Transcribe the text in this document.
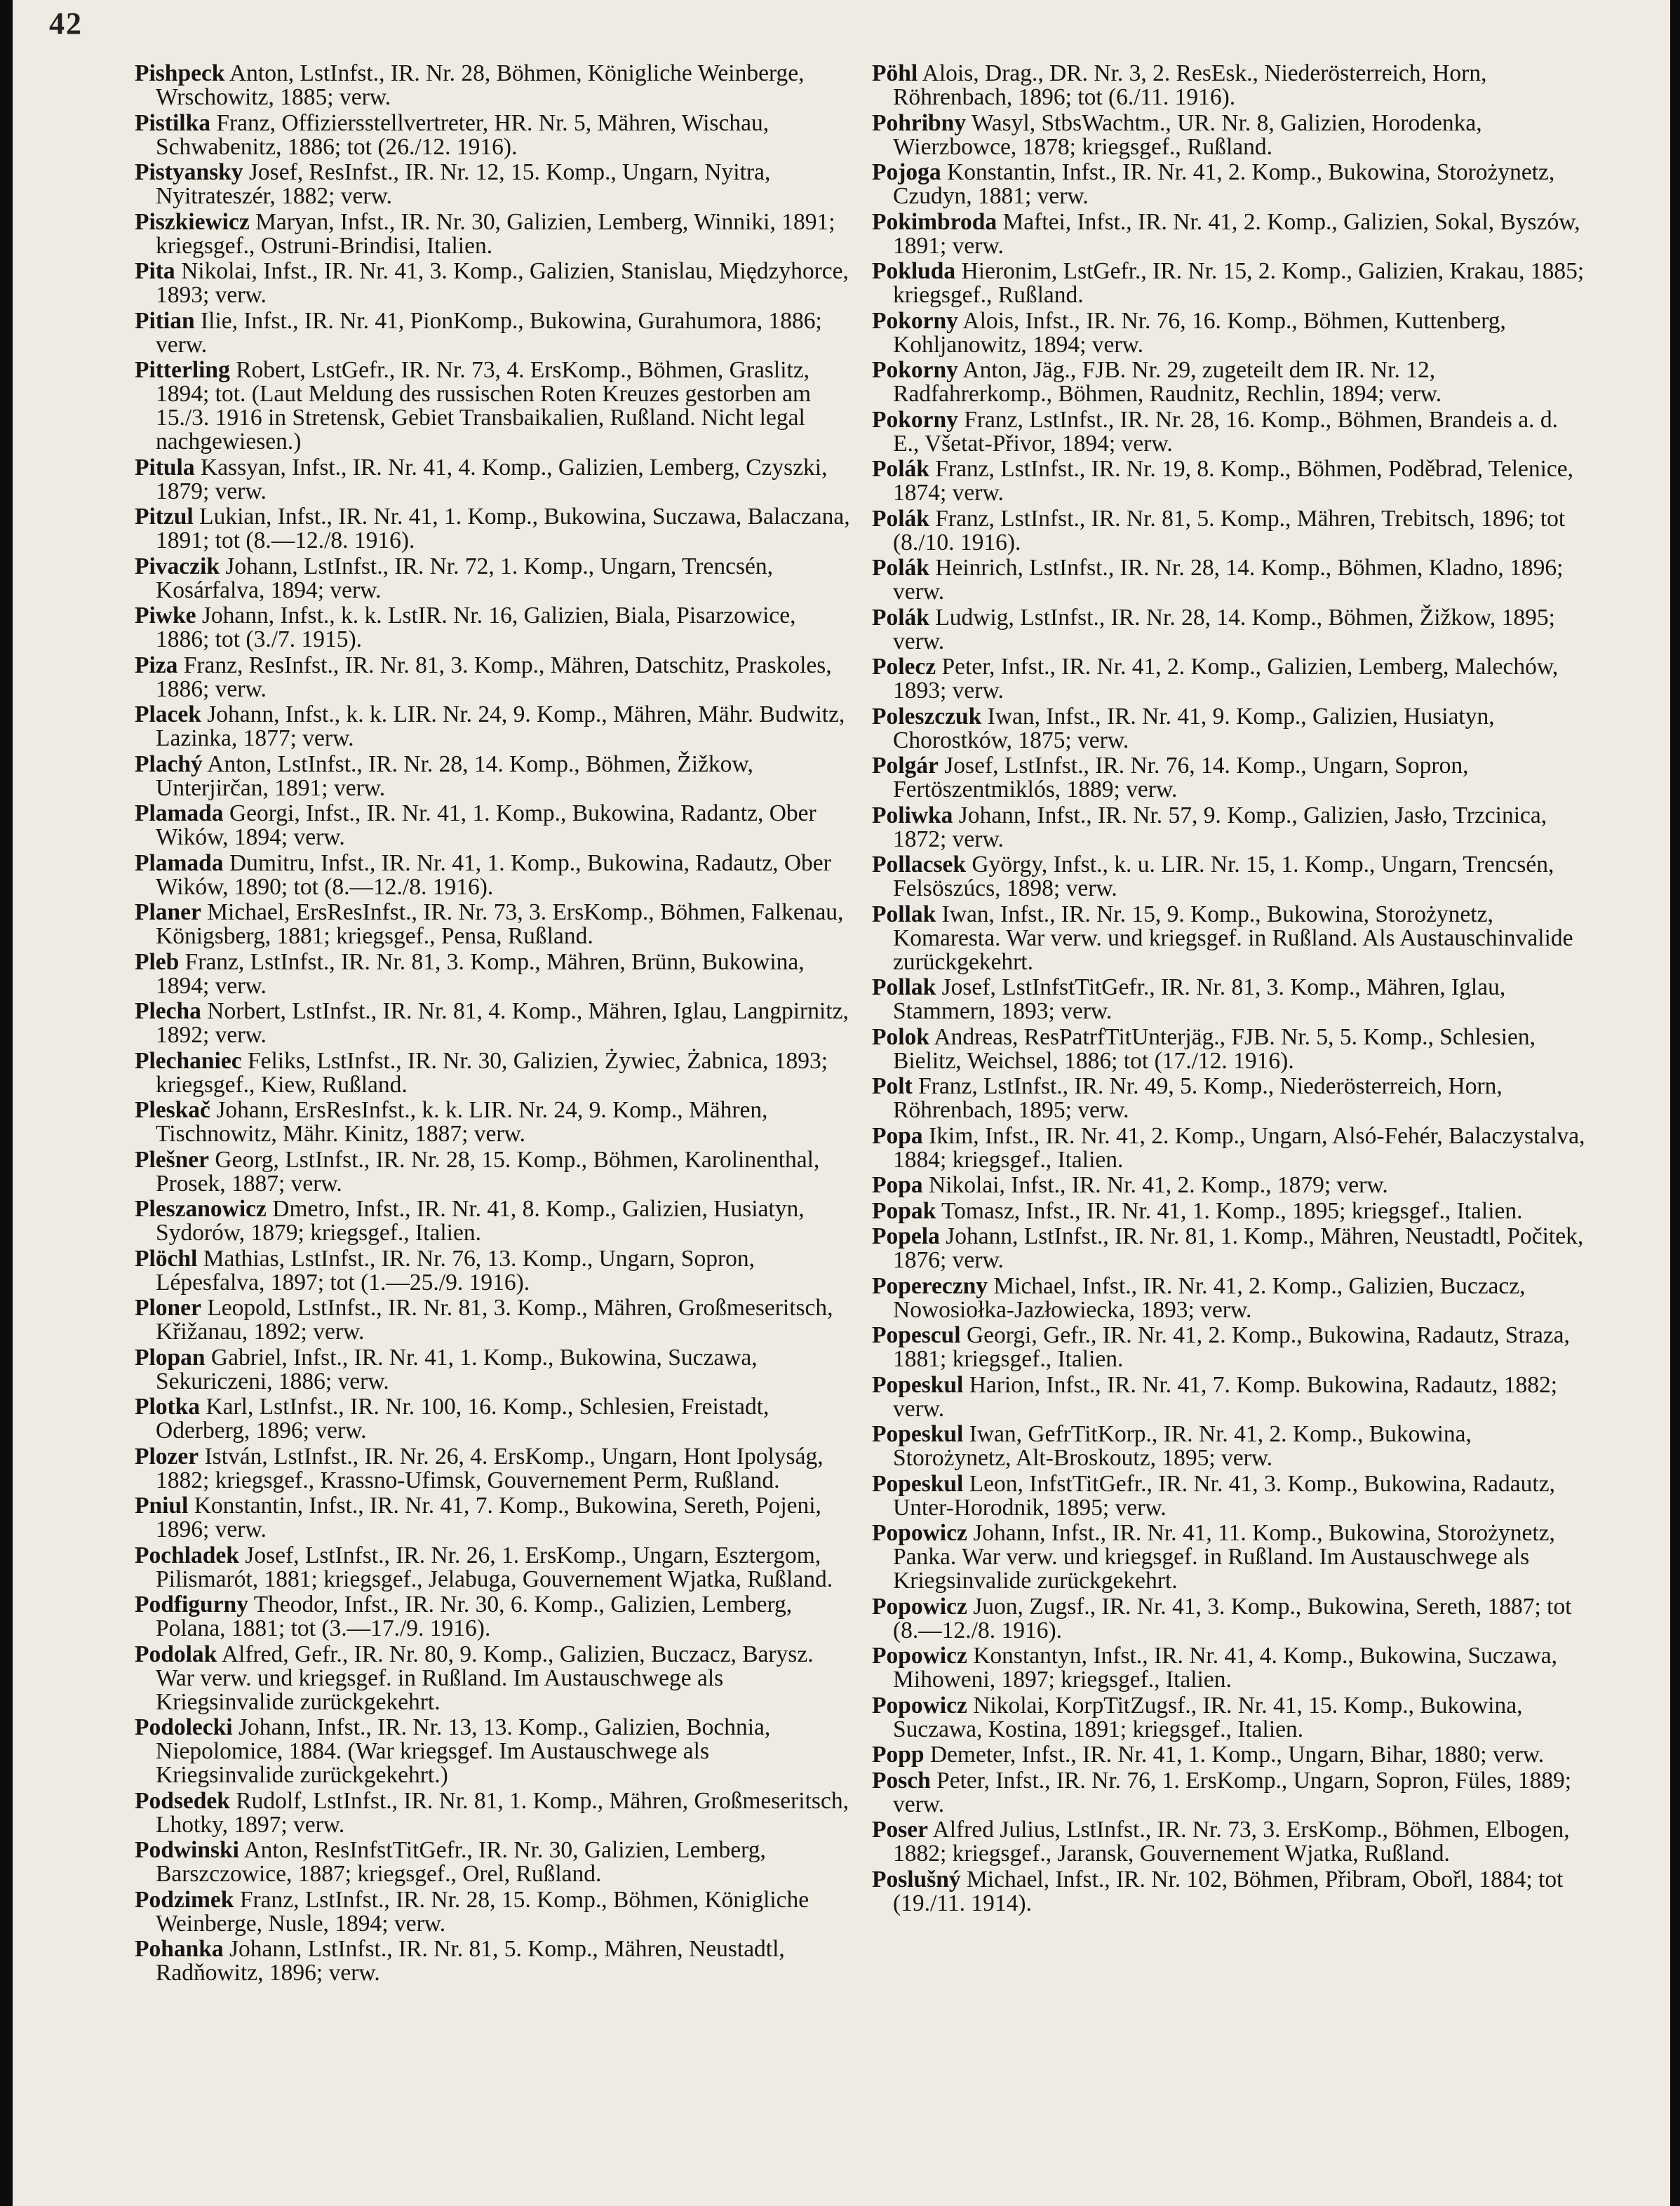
42
Pishpeck Anton, LstInfst., IR. Nr. 28, Böhmen, Königliche Weinberge, Wrschowitz, 1885; verw.
Pistilka Franz, Offiziersstellvertreter, HR. Nr. 5, Mähren, Wischau, Schwabenitz, 1886; tot (26./12. 1916).
Pistyansky Josef, ResInfst., IR. Nr. 12, 15. Komp., Ungarn, Nyitra, Nyitrateszér, 1882; verw.
Piszkiewicz Maryan, Infst., IR. Nr. 30, Galizien, Lemberg, Winniki, 1891; kriegsgef., Ostruni-Brindisi, Italien.
Pita Nikolai, Infst., IR. Nr. 41, 3. Komp., Galizien, Stanislau, Międzyhorce, 1893; verw.
Pitian Ilie, Infst., IR. Nr. 41, PionKomp., Bukowina, Gurahumora, 1886; verw.
Pitterling Robert, LstGefr., IR. Nr. 73, 4. ErsKomp., Böhmen, Graslitz, 1894; tot. (Laut Meldung des russischen Roten Kreuzes gestorben am 15./3. 1916 in Stretensk, Gebiet Transbaikalien, Rußland. Nicht legal nachgewiesen.)
Pitula Kassyan, Infst., IR. Nr. 41, 4. Komp., Galizien, Lemberg, Czyszki, 1879; verw.
Pitzul Lukian, Infst., IR. Nr. 41, 1. Komp., Bukowina, Suczawa, Balaczana, 1891; tot (8.—12./8. 1916).
Pivaczik Johann, LstInfst., IR. Nr. 72, 1. Komp., Ungarn, Trencsén, Kosárfalva, 1894; verw.
Piwke Johann, Infst., k. k. LstIR. Nr. 16, Galizien, Biala, Pisarzowice, 1886; tot (3./7. 1915).
Piza Franz, ResInfst., IR. Nr. 81, 3. Komp., Mähren, Datschitz, Praskoles, 1886; verw.
Placek Johann, Infst., k. k. LIR. Nr. 24, 9. Komp., Mähren, Mähr. Budwitz, Lazinka, 1877; verw.
Plachý Anton, LstInfst., IR. Nr. 28, 14. Komp., Böhmen, Žižkow, Unterjirčan, 1891; verw.
Plamada Georgi, Infst., IR. Nr. 41, 1. Komp., Bukowina, Radantz, Ober Wików, 1894; verw.
Plamada Dumitru, Infst., IR. Nr. 41, 1. Komp., Bukowina, Radautz, Ober Wików, 1890; tot (8.—12./8. 1916).
Planer Michael, ErsResInfst., IR. Nr. 73, 3. ErsKomp., Böhmen, Falkenau, Königsberg, 1881; kriegsgef., Pensa, Rußland.
Pleb Franz, LstInfst., IR. Nr. 81, 3. Komp., Mähren, Brünn, Bukowina, 1894; verw.
Plecha Norbert, LstInfst., IR. Nr. 81, 4. Komp., Mähren, Iglau, Langpirnitz, 1892; verw.
Plechaniec Feliks, LstInfst., IR. Nr. 30, Galizien, Żywiec, Żabnica, 1893; kriegsgef., Kiew, Rußland.
Pleskač Johann, ErsResInfst., k. k. LIR. Nr. 24, 9. Komp., Mähren, Tischnowitz, Mähr. Kinitz, 1887; verw.
Plešner Georg, LstInfst., IR. Nr. 28, 15. Komp., Böhmen, Karolinenthal, Prosek, 1887; verw.
Pleszanowicz Dmetro, Infst., IR. Nr. 41, 8. Komp., Galizien, Husiatyn, Sydorów, 1879; kriegsgef., Italien.
Plöchl Mathias, LstInfst., IR. Nr. 76, 13. Komp., Ungarn, Sopron, Lépesfalva, 1897; tot (1.—25./9. 1916).
Ploner Leopold, LstInfst., IR. Nr. 81, 3. Komp., Mähren, Großmeseritsch, Křižanau, 1892; verw.
Plopan Gabriel, Infst., IR. Nr. 41, 1. Komp., Bukowina, Suczawa, Sekuriczeni, 1886; verw.
Plotka Karl, LstInfst., IR. Nr. 100, 16. Komp., Schlesien, Freistadt, Oderberg, 1896; verw.
Plozer István, LstInfst., IR. Nr. 26, 4. ErsKomp., Ungarn, Hont Ipolyság, 1882; kriegsgef., Krassno-Ufimsk, Gouvernement Perm, Rußland.
Pniul Konstantin, Infst., IR. Nr. 41, 7. Komp., Bukowina, Sereth, Pojeni, 1896; verw.
Pochladek Josef, LstInfst., IR. Nr. 26, 1. ErsKomp., Ungarn, Esztergom, Pilismarót, 1881; kriegsgef., Jelabuga, Gouvernement Wjatka, Rußland.
Podfigurny Theodor, Infst., IR. Nr. 30, 6. Komp., Galizien, Lemberg, Polana, 1881; tot (3.—17./9. 1916).
Podolak Alfred, Gefr., IR. Nr. 80, 9. Komp., Galizien, Buczacz, Barysz. War verw. und kriegsgef. in Rußland. Im Austauschwege als Kriegsinvalide zurückgekehrt.
Podolecki Johann, Infst., IR. Nr. 13, 13. Komp., Galizien, Bochnia, Niepolomice, 1884. (War kriegsgef. Im Austauschwege als Kriegsinvalide zurückgekehrt.)
Podsedek Rudolf, LstInfst., IR. Nr. 81, 1. Komp., Mähren, Großmeseritsch, Lhotky, 1897; verw.
Podwinski Anton, ResInfstTitGefr., IR. Nr. 30, Galizien, Lemberg, Barszczowice, 1887; kriegsgef., Orel, Rußland.
Podzimek Franz, LstInfst., IR. Nr. 28, 15. Komp., Böhmen, Königliche Weinberge, Nusle, 1894; verw.
Pohanka Johann, LstInfst., IR. Nr. 81, 5. Komp., Mähren, Neustadtl, Radňowitz, 1896; verw.
Pöhl Alois, Drag., DR. Nr. 3, 2. ResEsk., Niederösterreich, Horn, Röhrenbach, 1896; tot (6./11. 1916).
Pohribny Wasyl, StbsWachtm., UR. Nr. 8, Galizien, Horodenka, Wierzbowce, 1878; kriegsgef., Rußland.
Pojoga Konstantin, Infst., IR. Nr. 41, 2. Komp., Bukowina, Storożynetz, Czudyn, 1881; verw.
Pokimbroda Maftei, Infst., IR. Nr. 41, 2. Komp., Galizien, Sokal, Byszów, 1891; verw.
Pokluda Hieronim, LstGefr., IR. Nr. 15, 2. Komp., Galizien, Krakau, 1885; kriegsgef., Rußland.
Pokorny Alois, Infst., IR. Nr. 76, 16. Komp., Böhmen, Kuttenberg, Kohljanowitz, 1894; verw.
Pokorny Anton, Jäg., FJB. Nr. 29, zugeteilt dem IR. Nr. 12, Radfahrerkomp., Böhmen, Raudnitz, Rechlin, 1894; verw.
Pokorny Franz, LstInfst., IR. Nr. 28, 16. Komp., Böhmen, Brandeis a. d. E., Všetat-Přivor, 1894; verw.
Polák Franz, LstInfst., IR. Nr. 19, 8. Komp., Böhmen, Poděbrad, Telenice, 1874; verw.
Polák Franz, LstInfst., IR. Nr. 81, 5. Komp., Mähren, Trebitsch, 1896; tot (8./10. 1916).
Polák Heinrich, LstInfst., IR. Nr. 28, 14. Komp., Böhmen, Kladno, 1896; verw.
Polák Ludwig, LstInfst., IR. Nr. 28, 14. Komp., Böhmen, Žižkow, 1895; verw.
Polecz Peter, Infst., IR. Nr. 41, 2. Komp., Galizien, Lemberg, Malechów, 1893; verw.
Poleszczuk Iwan, Infst., IR. Nr. 41, 9. Komp., Galizien, Husiatyn, Chorostków, 1875; verw.
Polgár Josef, LstInfst., IR. Nr. 76, 14. Komp., Ungarn, Sopron, Fertöszentmiklós, 1889; verw.
Poliwka Johann, Infst., IR. Nr. 57, 9. Komp., Galizien, Jasło, Trzcinica, 1872; verw.
Pollacsek György, Infst., k. u. LIR. Nr. 15, 1. Komp., Ungarn, Trencsén, Felsöszúcs, 1898; verw.
Pollak Iwan, Infst., IR. Nr. 15, 9. Komp., Bukowina, Storożynetz, Komaresta. War verw. und kriegsgef. in Rußland. Als Austauschinvalide zurückgekehrt.
Pollak Josef, LstInfstTitGefr., IR. Nr. 81, 3. Komp., Mähren, Iglau, Stammern, 1893; verw.
Polok Andreas, ResPatrfTitUnterjäg., FJB. Nr. 5, 5. Komp., Schlesien, Bielitz, Weichsel, 1886; tot (17./12. 1916).
Polt Franz, LstInfst., IR. Nr. 49, 5. Komp., Niederösterreich, Horn, Röhrenbach, 1895; verw.
Popa Ikim, Infst., IR. Nr. 41, 2. Komp., Ungarn, Alsó-Fehér, Balaczystalva, 1884; kriegsgef., Italien.
Popa Nikolai, Infst., IR. Nr. 41, 2. Komp., 1879; verw.
Popak Tomasz, Infst., IR. Nr. 41, 1. Komp., 1895; kriegsgef., Italien.
Popela Johann, LstInfst., IR. Nr. 81, 1. Komp., Mähren, Neustadtl, Počitek, 1876; verw.
Popereczny Michael, Infst., IR. Nr. 41, 2. Komp., Galizien, Buczacz, Nowosiołka-Jazłowiecka, 1893; verw.
Popescul Georgi, Gefr., IR. Nr. 41, 2. Komp., Bukowina, Radautz, Straza, 1881; kriegsgef., Italien.
Popeskul Harion, Infst., IR. Nr. 41, 7. Komp. Bukowina, Radautz, 1882; verw.
Popeskul Iwan, GefrTitKorp., IR. Nr. 41, 2. Komp., Bukowina, Storożynetz, Alt-Broskoutz, 1895; verw.
Popeskul Leon, InfstTitGefr., IR. Nr. 41, 3. Komp., Bukowina, Radautz, Unter-Horodnik, 1895; verw.
Popowicz Johann, Infst., IR. Nr. 41, 11. Komp., Bukowina, Storożynetz, Panka. War verw. und kriegsgef. in Rußland. Im Austauschwege als Kriegsinvalide zurückgekehrt.
Popowicz Juon, Zugsf., IR. Nr. 41, 3. Komp., Bukowina, Sereth, 1887; tot (8.—12./8. 1916).
Popowicz Konstantyn, Infst., IR. Nr. 41, 4. Komp., Bukowina, Suczawa, Mihoweni, 1897; kriegsgef., Italien.
Popowicz Nikolai, KorpTitZugsf., IR. Nr. 41, 15. Komp., Bukowina, Suczawa, Kostina, 1891; kriegsgef., Italien.
Popp Demeter, Infst., IR. Nr. 41, 1. Komp., Ungarn, Bihar, 1880; verw.
Posch Peter, Infst., IR. Nr. 76, 1. ErsKomp., Ungarn, Sopron, Füles, 1889; verw.
Poser Alfred Julius, LstInfst., IR. Nr. 73, 3. ErsKomp., Böhmen, Elbogen, 1882; kriegsgef., Jaransk, Gouvernement Wjatka, Rußland.
Poslušný Michael, Infst., IR. Nr. 102, Böhmen, Přibram, Obořl, 1884; tot (19./11. 1914).
